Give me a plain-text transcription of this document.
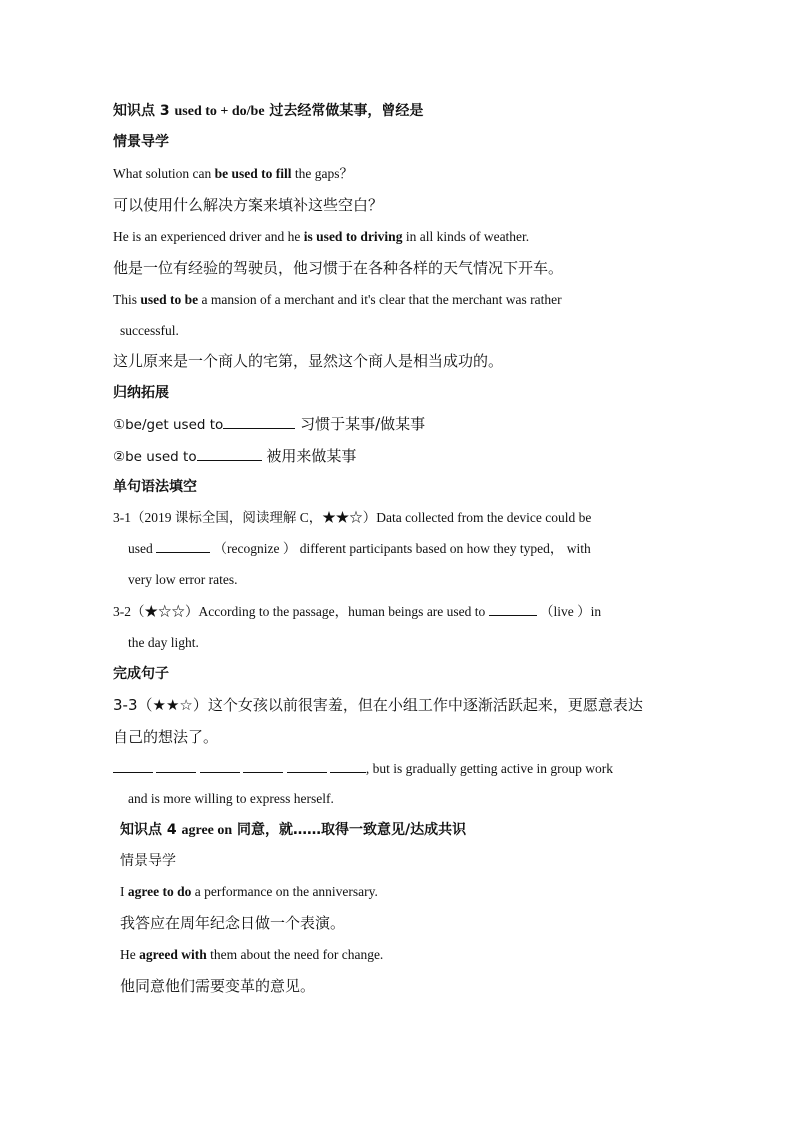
知识点 3 used to + do/be 过去经常做某事，曾经是
情景导学
What solution can be used to fill the gaps？
可以使用什么解决方案来填补这些空白？
He is an experienced driver and he is used to driving in all kinds of weather.
他是一位有经验的驾驶员，他习惯于在各种各样的天气情况下开车。
This used to be a mansion of a merchant and it's clear that the merchant was rather
successful.
这儿原来是一个商人的宅第，显然这个商人是相当成功的。
归纳拓展
①be/get used to	习惯于某事/做某事
②be used to	被用来做某事
单句语法填空
3-1（2019 课标全国，阅读理解 C，★★☆）Data collected from the device could be
used	（recognize ） different participants based on how they typed， with
very low error rates.
3-2（★☆☆）According to the passage，human beings are used to	（live ）in
the day light.
完成句子
3-3（★★☆）这个女孩以前很害羞，但在小组工作中逐渐活跃起来，更愿意表达
自己的想法了。
, but is gradually getting active in group work
and is more willing to express herself.
知识点 4 agree on 同意，就……取得一致意见/达成共识
情景导学
I agree to do a performance on the anniversary.
我答应在周年纪念日做一个表演。
He agreed with them about the need for change.
他同意他们需要变革的意见。
